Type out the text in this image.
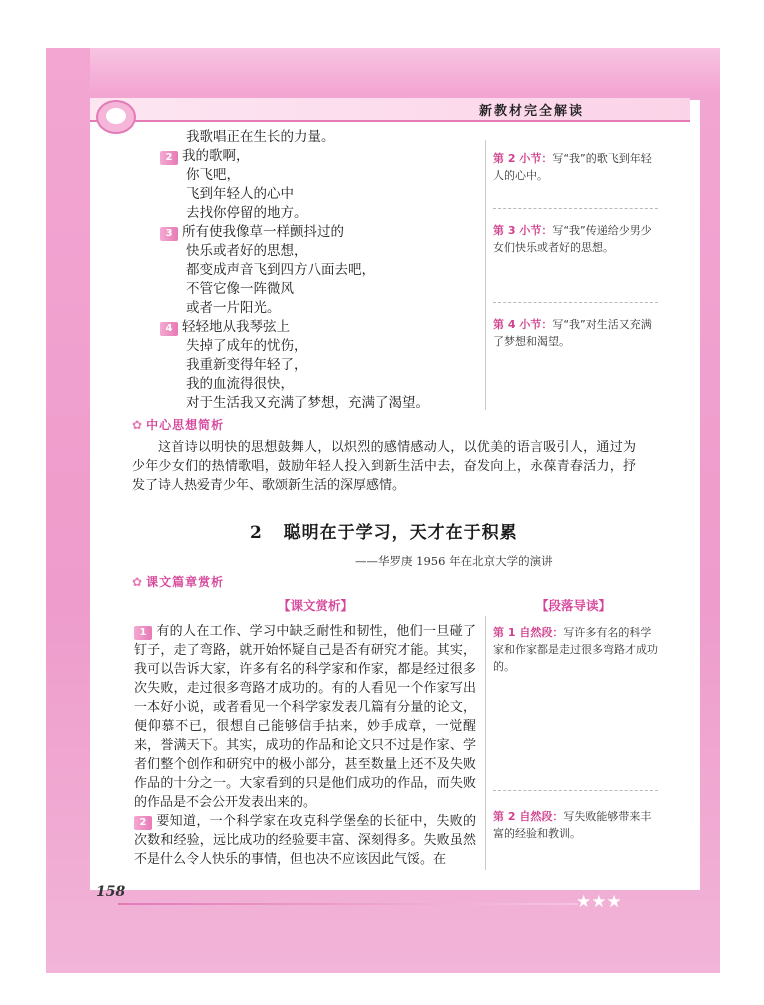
新教材完全解读
我歌唱正在生长的力量。
2 我的歌啊，
你飞吧，
飞到年轻人的心中
去找你停留的地方。
3 所有使我像草一样颤抖过的
快乐或者好的思想，
都变成声音飞到四方八面去吧，
不管它像一阵微风
或者一片阳光。
4 轻轻地从我琴弦上
失掉了成年的忧伤，
我重新变得年轻了，
我的血流得很快，
对于生活我又充满了梦想，充满了渴望。
第 2 小节：写“我”的歌飞到年轻人的心中。
第 3 小节：写“我”传递给少男少女们快乐或者好的思想。
第 4 小节：写“我”对生活又充满了梦想和渴望。
✿ 中心思想简析
这首诗以明快的思想鼓舞人，以炽烈的感情感动人，以优美的语言吸引人，通过为少年少女们的热情歌唱，鼓励年轻人投入到新生活中去，奋发向上，永葆青春活力，抒发了诗人热爱青少年、歌颂新生活的深厚感情。
2 聪明在于学习，天才在于积累
——华罗庚 1956 年在北京大学的演讲
✿ 课文篇章赏析
【课文赏析】	【段落导读】
1 有的人在工作、学习中缺乏耐性和韧性，他们一旦碰了钉子，走了弯路，就开始怀疑自己是否有研究才能。其实，我可以告诉大家，许多有名的科学家和作家，都是经过很多次失败，走过很多弯路才成功的。有的人看见一个作家写出一本好小说，或者看见一个科学家发表几篇有分量的论文，便仰慕不已，很想自己能够信手拈来，妙手成章，一觉醒来，誉满天下。其实，成功的作品和论文只不过是作家、学者们整个创作和研究中的极小部分，甚至数量上还不及失败作品的十分之一。大家看到的只是他们成功的作品，而失败的作品是不会公开发表出来的。
2 要知道，一个科学家在攻克科学堡垒的长征中，失败的次数和经验，远比成功的经验要丰富、深刻得多。失败虽然不是什么令人快乐的事情，但也决不应该因此气馁。在
第 1 自然段：写许多有名的科学家和作家都是走过很多弯路才成功的。
第 2 自然段：写失败能够带来丰富的经验和教训。
158	★★★
